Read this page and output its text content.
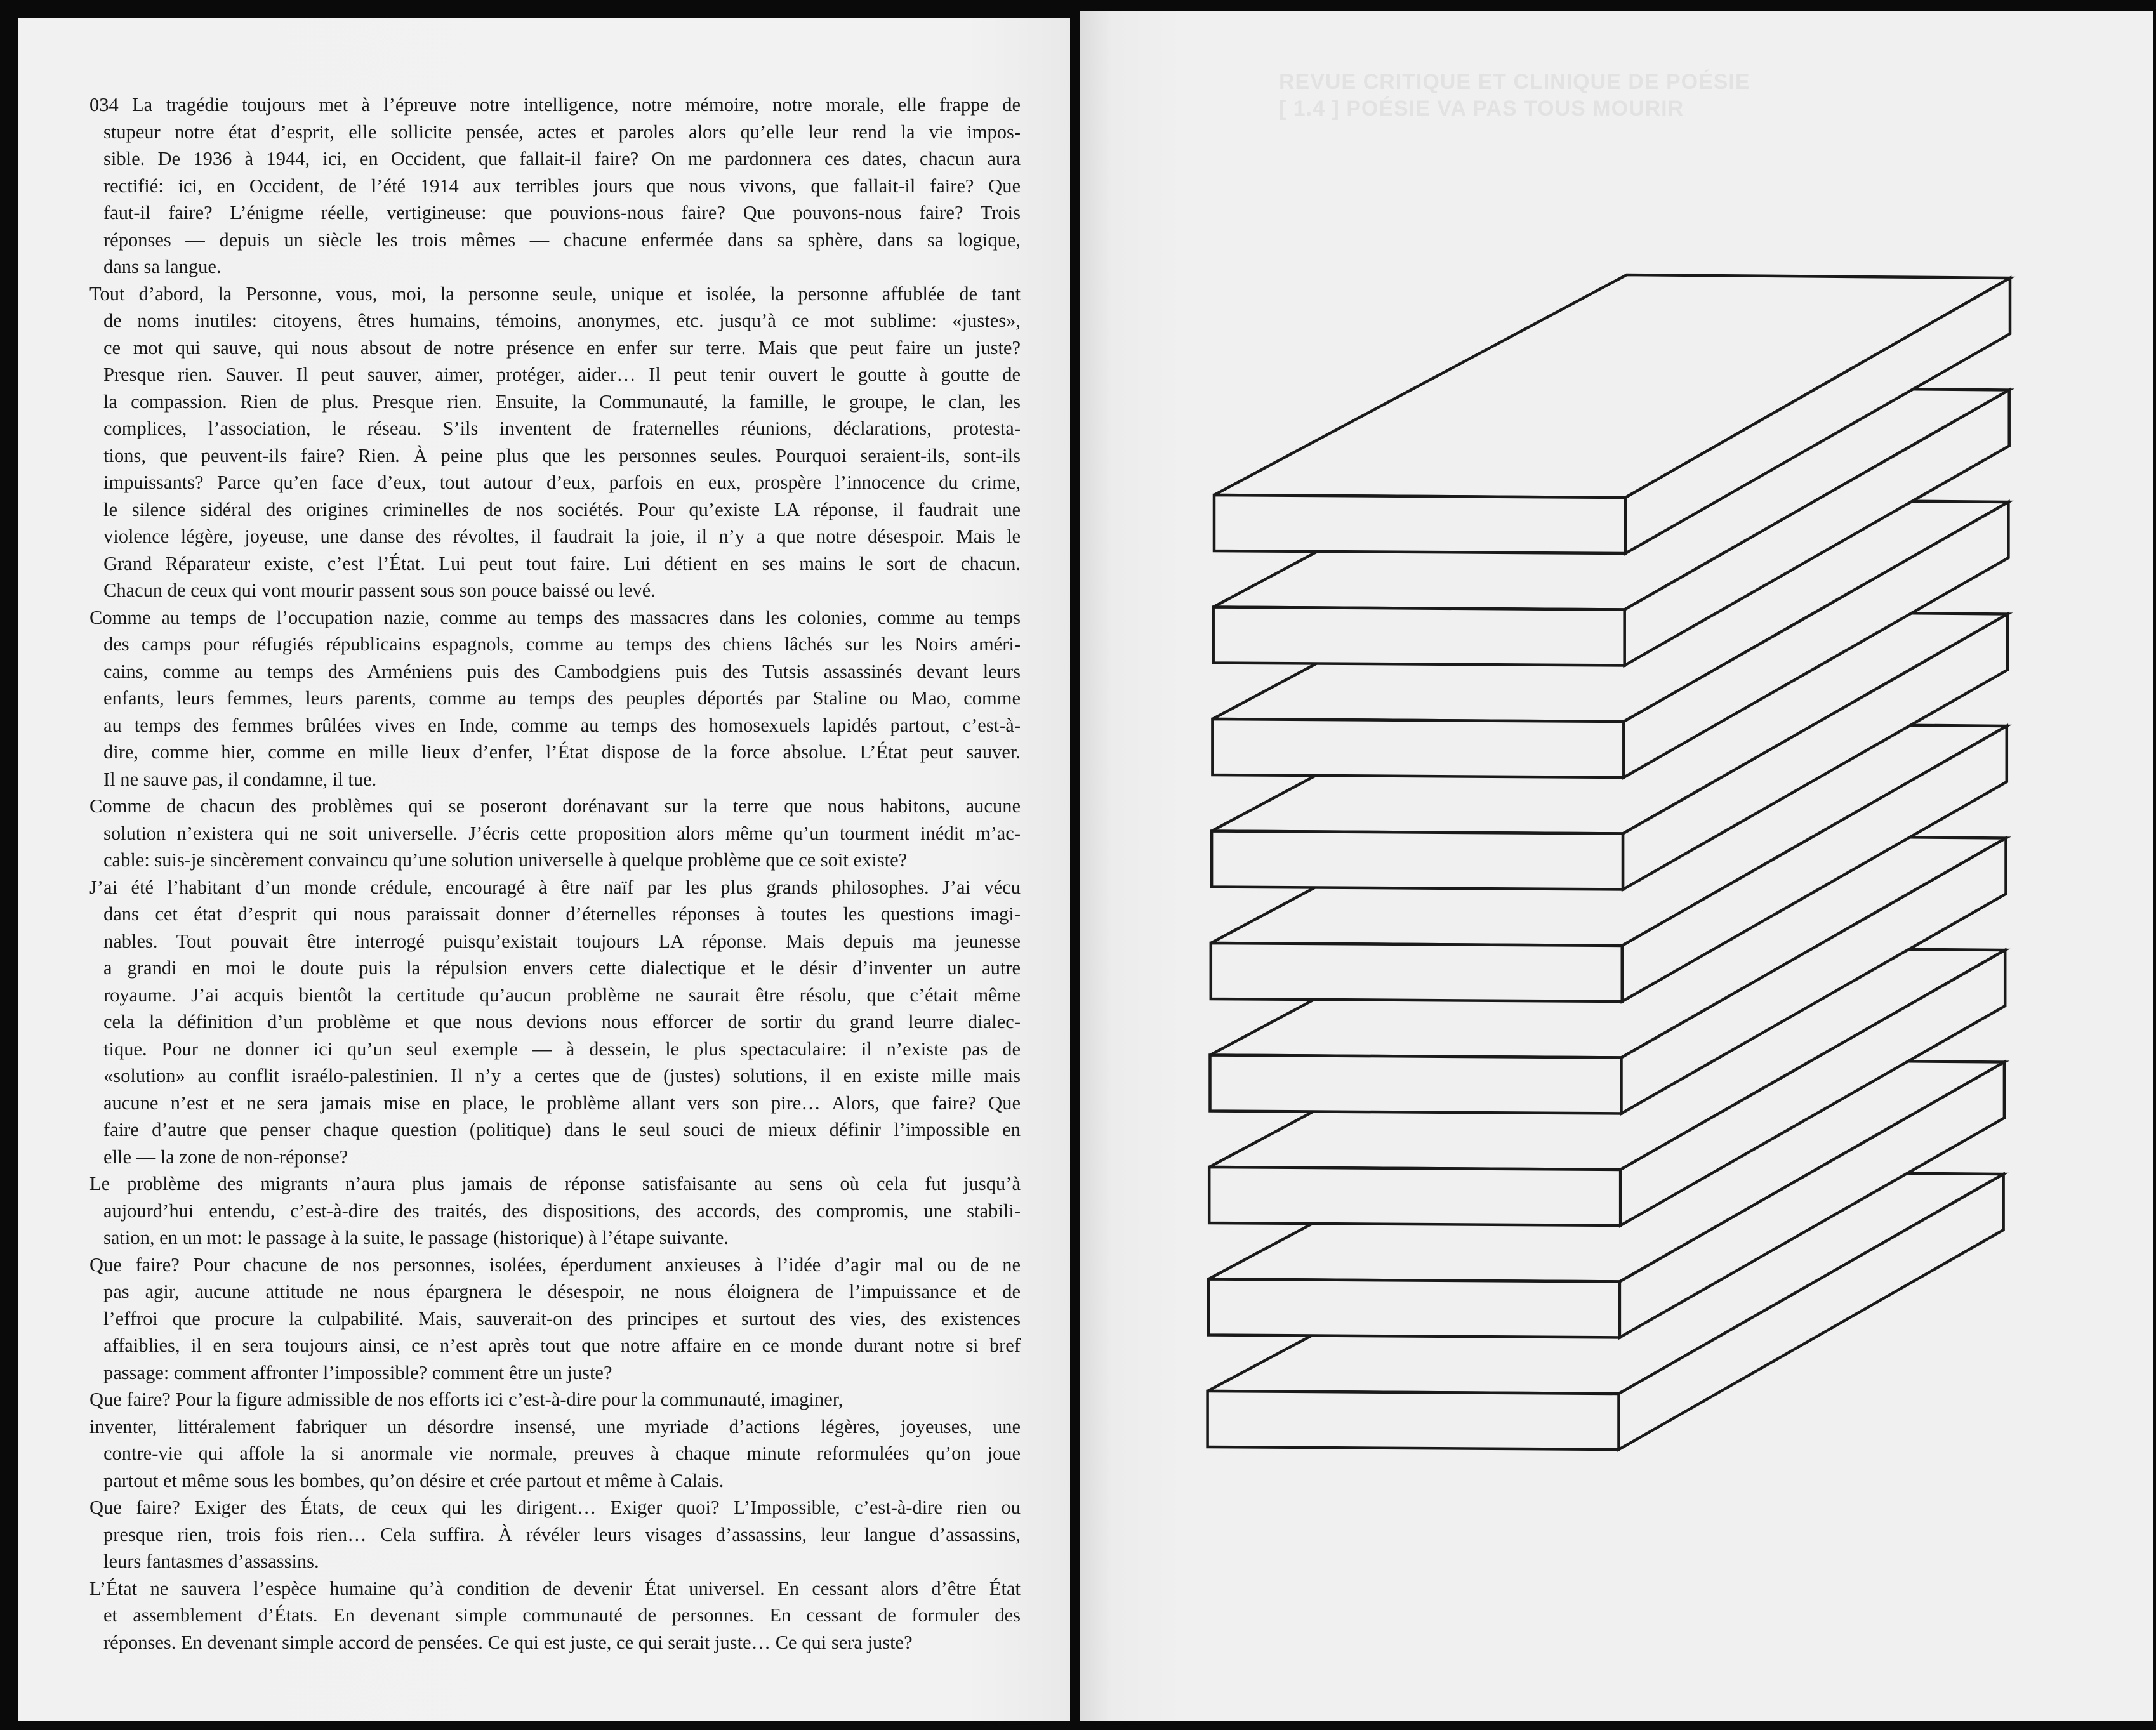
034 La tragédie toujours met à l’épreuve notre intelligence, notre mémoire, notre morale, elle frappe de
stupeur notre état d’esprit, elle sollicite pensée, actes et paroles alors qu’elle leur rend la vie impos-
sible. De 1936 à 1944, ici, en Occident, que fallait-il faire? On me pardonnera ces dates, chacun aura
rectifié: ici, en Occident, de l’été 1914 aux terribles jours que nous vivons, que fallait-il faire? Que
faut-il faire? L’énigme réelle, vertigineuse: que pouvions-nous faire? Que pouvons-nous faire? Trois
réponses — depuis un siècle les trois mêmes — chacune enfermée dans sa sphère, dans sa logique,
dans sa langue.
Tout d’abord, la Personne, vous, moi, la personne seule, unique et isolée, la personne affublée de tant
de noms inutiles: citoyens, êtres humains, témoins, anonymes, etc. jusqu’à ce mot sublime: «justes»,
ce mot qui sauve, qui nous absout de notre présence en enfer sur terre. Mais que peut faire un juste?
Presque rien. Sauver. Il peut sauver, aimer, protéger, aider… Il peut tenir ouvert le goutte à goutte de
la compassion. Rien de plus. Presque rien. Ensuite, la Communauté, la famille, le groupe, le clan, les
complices, l’association, le réseau. S’ils inventent de fraternelles réunions, déclarations, protesta-
tions, que peuvent-ils faire? Rien. À peine plus que les personnes seules. Pourquoi seraient-ils, sont-ils
impuissants? Parce qu’en face d’eux, tout autour d’eux, parfois en eux, prospère l’innocence du crime,
le silence sidéral des origines criminelles de nos sociétés. Pour qu’existe LA réponse, il faudrait une
violence légère, joyeuse, une danse des révoltes, il faudrait la joie, il n’y a que notre désespoir. Mais le
Grand Réparateur existe, c’est l’État. Lui peut tout faire. Lui détient en ses mains le sort de chacun.
Chacun de ceux qui vont mourir passent sous son pouce baissé ou levé.
Comme au temps de l’occupation nazie, comme au temps des massacres dans les colonies, comme au temps
des camps pour réfugiés républicains espagnols, comme au temps des chiens lâchés sur les Noirs améri-
cains, comme au temps des Arméniens puis des Cambodgiens puis des Tutsis assassinés devant leurs
enfants, leurs femmes, leurs parents, comme au temps des peuples déportés par Staline ou Mao, comme
au temps des femmes brûlées vives en Inde, comme au temps des homosexuels lapidés partout, c’est-à-
dire, comme hier, comme en mille lieux d’enfer, l’État dispose de la force absolue. L’État peut sauver.
Il ne sauve pas, il condamne, il tue.
Comme de chacun des problèmes qui se poseront dorénavant sur la terre que nous habitons, aucune
solution n’existera qui ne soit universelle. J’écris cette proposition alors même qu’un tourment inédit m’ac-
cable: suis-je sincèrement convaincu qu’une solution universelle à quelque problème que ce soit existe?
J’ai été l’habitant d’un monde crédule, encouragé à être naïf par les plus grands philosophes. J’ai vécu
dans cet état d’esprit qui nous paraissait donner d’éternelles réponses à toutes les questions imagi-
nables. Tout pouvait être interrogé puisqu’existait toujours LA réponse. Mais depuis ma jeunesse
a grandi en moi le doute puis la répulsion envers cette dialectique et le désir d’inventer un autre
royaume. J’ai acquis bientôt la certitude qu’aucun problème ne saurait être résolu, que c’était même
cela la définition d’un problème et que nous devions nous efforcer de sortir du grand leurre dialec-
tique. Pour ne donner ici qu’un seul exemple — à dessein, le plus spectaculaire: il n’existe pas de
«solution» au conflit israélo-palestinien. Il n’y a certes que de (justes) solutions, il en existe mille mais
aucune n’est et ne sera jamais mise en place, le problème allant vers son pire… Alors, que faire? Que
faire d’autre que penser chaque question (politique) dans le seul souci de mieux définir l’impossible en
elle — la zone de non-réponse?
Le problème des migrants n’aura plus jamais de réponse satisfaisante au sens où cela fut jusqu’à
aujourd’hui entendu, c’est-à-dire des traités, des dispositions, des accords, des compromis, une stabili-
sation, en un mot: le passage à la suite, le passage (historique) à l’étape suivante.
Que faire? Pour chacune de nos personnes, isolées, éperdument anxieuses à l’idée d’agir mal ou de ne
pas agir, aucune attitude ne nous épargnera le désespoir, ne nous éloignera de l’impuissance et de
l’effroi que procure la culpabilité. Mais, sauverait-on des principes et surtout des vies, des existences
affaiblies, il en sera toujours ainsi, ce n’est après tout que notre affaire en ce monde durant notre si bref
passage: comment affronter l’impossible? comment être un juste?
Que faire? Pour la figure admissible de nos efforts ici c’est-à-dire pour la communauté, imaginer,
inventer, littéralement fabriquer un désordre insensé, une myriade d’actions légères, joyeuses, une
contre-vie qui affole la si anormale vie normale, preuves à chaque minute reformulées qu’on joue
partout et même sous les bombes, qu’on désire et crée partout et même à Calais.
Que faire? Exiger des États, de ceux qui les dirigent… Exiger quoi? L’Impossible, c’est-à-dire rien ou
presque rien, trois fois rien… Cela suffira. À révéler leurs visages d’assassins, leur langue d’assassins,
leurs fantasmes d’assassins.
L’État ne sauvera l’espèce humaine qu’à condition de devenir État universel. En cessant alors d’être État
et assemblement d’États. En devenant simple communauté de personnes. En cessant de formuler des
réponses. En devenant simple accord de pensées. Ce qui est juste, ce qui serait juste… Ce qui sera juste?
REVUE CRITIQUE ET CLINIQUE DE POÉSIE
[ 1.4 ] POÉSIE VA PAS TOUS MOURIR
